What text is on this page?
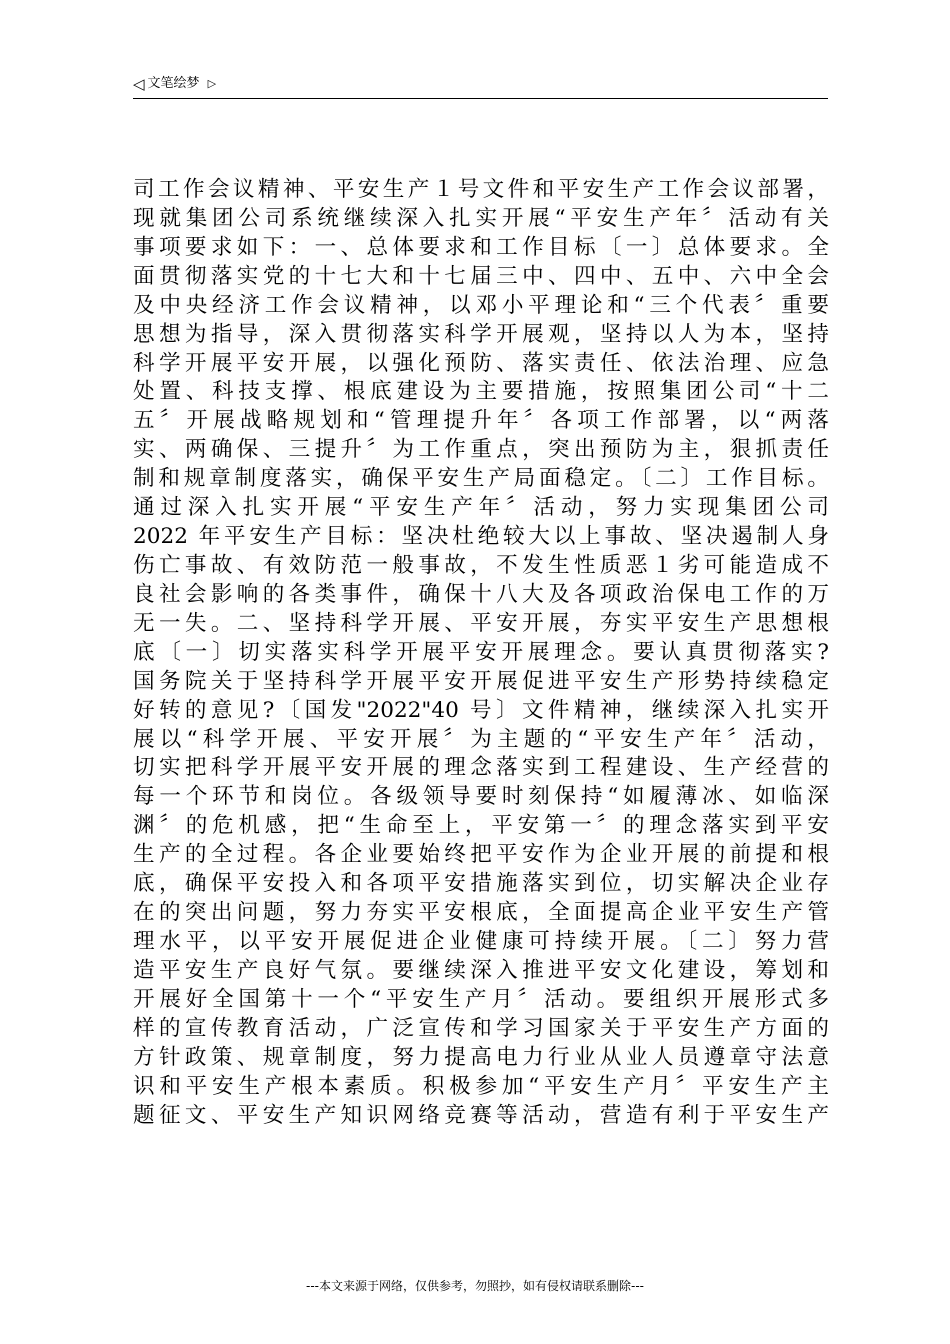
◁ 文笔绘梦 ▷
司工作会议精神、平安生产１号文件和平安生产工作会议部署，
现就集团公司系统继续深入扎实开展“平安生产年〞活动有关
事项要求如下：一、总体要求和工作目标〔一〕总体要求。全
面贯彻落实党的十七大和十七届三中、四中、五中、六中全会
及中央经济工作会议精神，以邓小平理论和“三个代表〞重要
思想为指导，深入贯彻落实科学开展观，坚持以人为本，坚持
科学开展平安开展，以强化预防、落实责任、依法治理、应急
处置、科技支撑、根底建设为主要措施，按照集团公司“十二
五〞开展战略规划和“管理提升年〞各项工作部署，以“两落
实、两确保、三提升〞为工作重点，突出预防为主，狠抓责任
制和规章制度落实，确保平安生产局面稳定。〔二〕工作目标。
通过深入扎实开展“平安生产年〞活动，努力实现集团公司
2022 年平安生产目标：坚决杜绝较大以上事故、坚决遏制人身
伤亡事故、有效防范一般事故，不发生性质恶１劣可能造成不
良社会影响的各类事件，确保十八大及各项政治保电工作的万
无一失。二、坚持科学开展、平安开展，夯实平安生产思想根
底〔一〕切实落实科学开展平安开展理念。要认真贯彻落实?
国务院关于坚持科学开展平安开展促进平安生产形势持续稳定
好转的意见?〔国发"2022"40 号〕文件精神，继续深入扎实开
展以“科学开展、平安开展〞为主题的“平安生产年〞活动，
切实把科学开展平安开展的理念落实到工程建设、生产经营的
每一个环节和岗位。各级领导要时刻保持“如履薄冰、如临深
渊〞的危机感，把“生命至上，平安第一〞的理念落实到平安
生产的全过程。各企业要始终把平安作为企业开展的前提和根
底，确保平安投入和各项平安措施落实到位，切实解决企业存
在的突出问题，努力夯实平安根底，全面提高企业平安生产管
理水平，以平安开展促进企业健康可持续开展。〔二〕努力营
造平安生产良好气氛。要继续深入推进平安文化建设，筹划和
开展好全国第十一个“平安生产月〞活动。要组织开展形式多
样的宣传教育活动，广泛宣传和学习国家关于平安生产方面的
方针政策、规章制度，努力提高电力行业从业人员遵章守法意
识和平安生产根本素质。积极参加“平安生产月〞平安生产主
题征文、平安生产知识网络竞赛等活动，营造有利于平安生产
---本文来源于网络，仅供参考，勿照抄，如有侵权请联系删除---
